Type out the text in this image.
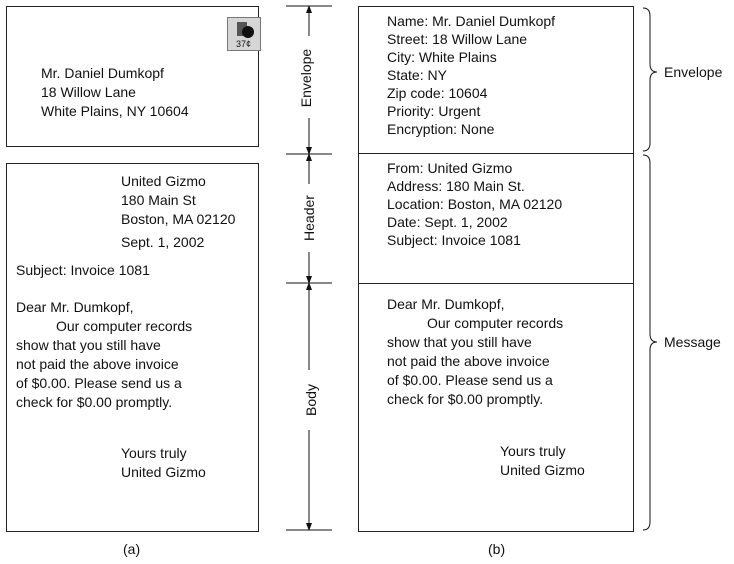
37¢
Mr. Daniel Dumkopf
18 Willow Lane
White Plains, NY 10604
United Gizmo
180 Main St
Boston, MA 02120
Sept. 1, 2002
Subject: Invoice 1081
Dear Mr. Dumkopf,
Our computer records
show that you still have
not paid the above invoice
of $0.00. Please send us a
check for $0.00 promptly.
Yours truly
United Gizmo
(a)
Envelope
Header
Body
Name: Mr. Daniel Dumkopf
Street: 18 Willow Lane
City: White Plains
State: NY
Zip code: 10604
Priority: Urgent
Encryption: None
From: United Gizmo
Address: 180 Main St.
Location: Boston, MA 02120
Date: Sept. 1, 2002
Subject: Invoice 1081
Dear Mr. Dumkopf,
Our computer records
show that you still have
not paid the above invoice
of $0.00. Please send us a
check for $0.00 promptly.
Yours truly
United Gizmo
(b)
Envelope
Message
